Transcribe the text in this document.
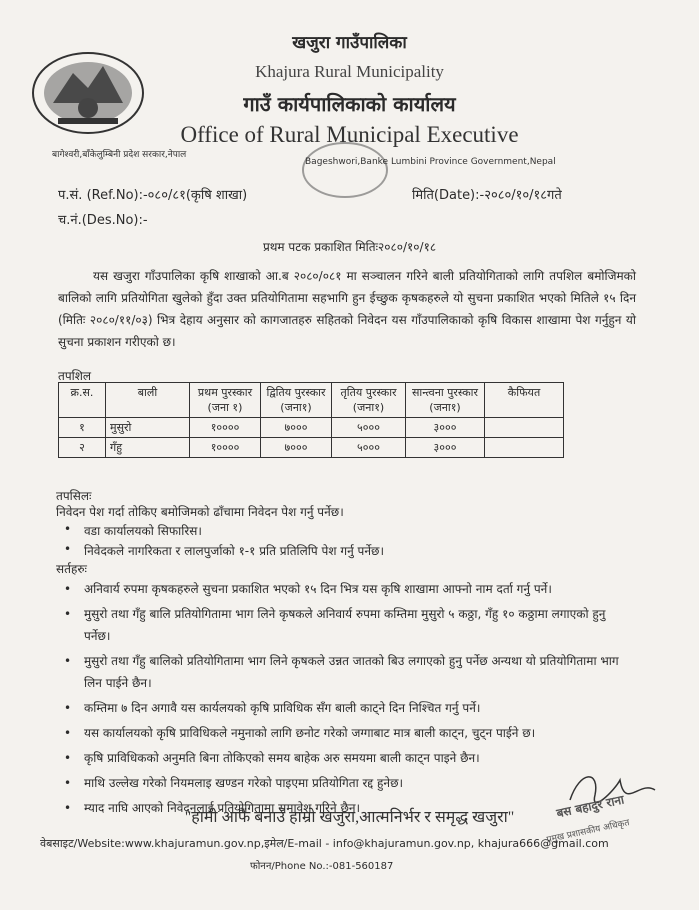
खजुरा गाउँपालिका
Khajura Rural Municipality
गाउँ कार्यपालिकाको कार्यालय
Office of Rural Municipal Executive
बागेश्वरी,बाँकेलुम्बिनी प्रदेश सरकार,नेपाल
Bageshwori,Banke Lumbini Province Government,Nepal
प.सं. (Ref.No):-०८०/८१(कृषि शाखा)	मिति(Date):-२०८०/१०/१८गते
च.नं.(Des.No):-
प्रथम पटक प्रकाशित मितिः२०८०/१०/१८
यस खजुरा गाँउपालिका कृषि शाखाको आ.ब २०८०/०८१ मा सञ्चालन गरिने बाली प्रतियोगिताको लागि तपशिल बमोजिमको बालिको लागि प्रतियोगिता खुलेको हुँदा उक्त प्रतियोगितामा सहभागि हुन ईच्छुक कृषकहरुले यो सुचना प्रकाशित भएको मितिले १५ दिन (मितिः २०८०/११/०३) भित्र देहाय अनुसार को कागजातहरु सहितको निवेदन यस गाँउपालिकाको कृषि विकास शाखामा पेश गर्नुहुन यो सुचना प्रकाशन गरीएको छ।
तपशिल
क्र.स.	बाली	प्रथम पुरस्कार (जना १)	द्वितिय पुरस्कार (जना१)	तृतिय पुरस्कार (जना१)	सान्त्वना पुरस्कार (जना१)	कैफियत
१	मुसुरो	१००००	७०००	५०००	३०००	
२	गँहु	१००००	७०००	५०००	३०००	
तपसिलः
निवेदन पेश गर्दा तोकिए बमोजिमको ढाँचामा निवेदन पेश गर्नु पर्नेछ।
• वडा कार्यालयको सिफारिस।
• निवेदकले नागरिकता र लालपुर्जाको १-१ प्रति प्रतिलिपि पेश गर्नु पर्नेछ।
सर्तहरुः
• अनिवार्य रुपमा कृषकहरुले सुचना प्रकाशित भएको १५ दिन भित्र यस कृषि शाखामा आफ्नो नाम दर्ता गर्नु पर्ने।
• मुसुरो तथा गँहु बालि प्रतियोगितामा भाग लिने कृषकले अनिवार्य रुपमा कम्तिमा मुसुरो ५ कठ्ठा, गँहु १० कठ्ठामा लगाएको हुनु पर्नेछ।
• मुसुरो तथा गँहु बालिको प्रतियोगितामा भाग लिने कृषकले उन्नत जातको बिउ लगाएको हुनु पर्नेछ अन्यथा यो प्रतियोगितामा भाग लिन पाईने छैन।
• कम्तिमा ७ दिन अगावै यस कार्यलयको कृषि प्राविधिक सँग बाली काट्ने दिन निश्चित गर्नु पर्ने।
• यस कार्यालयको कृषि प्राविधिकले नमुनाको लागि छनोट गरेको जग्गाबाट मात्र बाली काट्न, चुट्न पाईने छ।
• कृषि प्राविधिकको अनुमति बिना तोकिएको समय बाहेक अरु समयमा बाली काट्न पाइने छैन।
• माथि उल्लेख गरेको नियमलाइ खण्डन गरेको पाइएमा प्रतियोगिता रद्द हुनेछ।
• म्याद नाघि आएको निवेदनलाई प्रतियोगितामा समावेश गरिने छैन।	बस बहादुर राना
प्रमुख प्रशासकीय अधिकृत
"हामी आफैं बनाउँ हाम्रो खजुरा,आत्मनिर्भर र समृद्ध खजुरा"
वेबसाइट/Website:www.khajuramun.gov.np,इमेल/E-mail - info@khajuramun.gov.np, khajura666@gmail.com
फोनन/Phone No.:-081-560187
